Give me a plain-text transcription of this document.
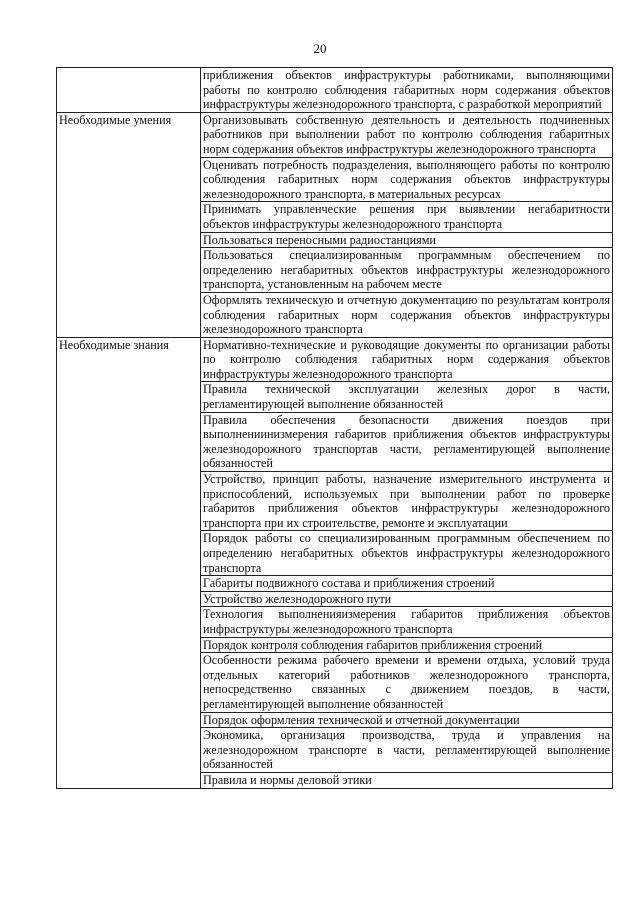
20
	приближения объектов инфраструктуры работниками, выполняющими работы по контролю соблюдения габаритных норм содержания объектов инфраструктуры железнодорожного транспорта, с разработкой мероприятий
Необходимые умения	Организовывать собственную деятельность и деятельность подчиненных работников при выполнении работ по контролю соблюдения габаритных норм содержания объектов инфраструктуры железнодорожного транспорта
	Оценивать потребность подразделения, выполняющего работы по контролю соблюдения габаритных норм содержания объектов инфраструктуры железнодорожного транспорта, в материальных ресурсах
	Принимать управленческие решения при выявлении негабаритности объектов инфраструктуры железнодорожного транспорта
	Пользоваться переносными радиостанциями
	Пользоваться специализированным программным обеспечением по определению негабаритных объектов инфраструктуры железнодорожного транспорта, установленным на рабочем месте
	Оформлять техническую и отчетную документацию по результатам контроля соблюдения габаритных норм содержания объектов инфраструктуры железнодорожного транспорта
Необходимые знания	Нормативно-технические и руководящие документы по организации работы по контролю соблюдения габаритных норм содержания объектов инфраструктуры железнодорожного транспорта
	Правила технической эксплуатации железных дорог в части, регламентирующей выполнение обязанностей
	Правила обеспечения безопасности движения поездов при выполнениинизмерения габаритов приближения объектов инфраструктуры железнодорожного транспортав части, регламентирующей выполнение обязанностей
	Устройство, принцип работы, назначение измерительного инструмента и приспособлений, используемых при выполнении работ по проверке габаритов приближения объектов инфраструктуры железнодорожного транспорта при их строительстве, ремонте и эксплуатации
	Порядок работы со специализированным программным обеспечением по определению негабаритных объектов инфраструктуры железнодорожного транспорта
	Габариты подвижного состава и приближения строений
	Устройство железнодорожного пути
	Технология выполненияизмерения габаритов приближения объектов инфраструктуры железнодорожного транспорта
	Порядок контроля соблюдения габаритов приближения строений
	Особенности режима рабочего времени и времени отдыха, условий труда отдельных категорий работников железнодорожного транспорта, непосредственно связанных с движением поездов, в части, регламентирующей выполнение обязанностей
	Порядок оформления технической и отчетной документации
	Экономика, организация производства, труда и управления на железнодорожном транспорте в части, регламентирующей выполнение обязанностей
	Правила и нормы деловой этики
